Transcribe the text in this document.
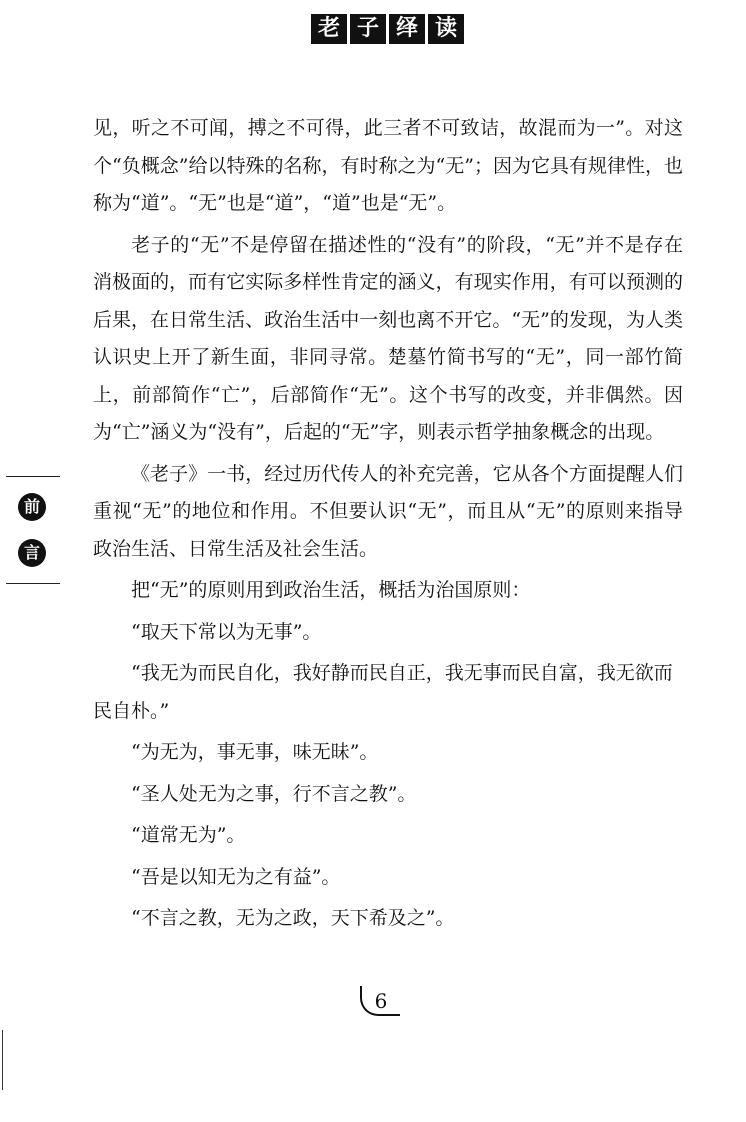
老 子 绎 读
前
言

见，听之不可闻，搏之不可得，此三者不可致诘，故混而为一”。对这个“负概念”给以特殊的名称，有时称之为“无”；因为它具有规律性，也称为“道”。“无”也是“道”，“道”也是“无”。

老子的“无”不是停留在描述性的“没有”的阶段，“无”并不是存在消极面的，而有它实际多样性肯定的涵义，有现实作用，有可以预测的后果，在日常生活、政治生活中一刻也离不开它。“无”的发现，为人类认识史上开了新生面，非同寻常。楚墓竹简书写的“无”，同一部竹简上，前部简作“亡”，后部简作“无”。这个书写的改变，并非偶然。因为“亡”涵义为“没有”，后起的“无”字，则表示哲学抽象概念的出现。

《老子》一书，经过历代传人的补充完善，它从各个方面提醒人们重视“无”的地位和作用。不但要认识“无”，而且从“无”的原则来指导政治生活、日常生活及社会生活。

把“无”的原则用到政治生活，概括为治国原则：

“取天下常以为无事”。

“我无为而民自化，我好静而民自正，我无事而民自富，我无欲而民自朴。”

“为无为，事无事，味无昧”。

“圣人处无为之事，行不言之教”。

“道常无为”。

“吾是以知无为之有益”。

“不言之教，无为之政，天下希及之”。

6
